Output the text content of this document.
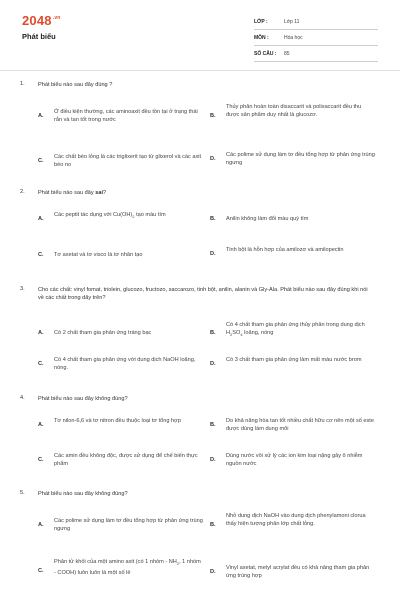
$2048^{.vn}$
Phát biểu
LỚP :	Lớp 11
MÔN :	Hóa học
SỐ CÂU : 85
1. Phát biểu nào sau đây đúng ?
A.
Ở điều kiện thường, các aminoaxit đều tồn tại ở trạng thái rắn và tan tốt trong nước
B.
Thủy phân hoàn toàn disaccarit và polisaccarit đều thu được sản phẩm duy nhất là glucozơ.
C.
Các chất béo lỏng là các triglixerit tạo từ glixerol và các axit béo no
D.
Các polime sử dụng làm tơ đều tổng hợp từ phản ứng trùng ngưng
2. Phát biểu nào sau đây sai?
A.
Các peptit tác dụng với $Cu(OH)_2$ tạo màu tím
B. Anilin không làm đổi màu quỳ tím
C. Tơ axetat và tơ visco là tơ nhân tạo	D.
Tinh bột là hỗn hợp của amilozơ và amilopectin
3. Cho các chất: vinyl fomat, triolein, glucozo, fructozo, saccarozo, tinh bột, anilin, alanin và Gly-Ala. Phát biểu nào sau đây đúng khi nói về các chất trong dãy trên?
A. Có 2 chất tham gia phản ứng tráng bạc	B.
Có 4 chất tham gia phản ứng thủy phân trong dung dịch $H_2SO_4$ loãng, nóng
C.
Có 4 chất tham gia phản ứng với dung dịch NaOH loãng, nóng.
D.
Có 3 chất tham gia phản ứng làm mất màu nước brom
4. Phát biểu nào sau đây không đúng?
A.
Tơ nilon-6,6 và tơ nitron đều thuộc loại tơ tổng hợp
B.
Do khả năng hòa tan tốt nhiều chất hữu cơ nên một số este được dùng làm dung môi
C.
Các amin đều không độc, được sử dụng để chế biến thực phẩm
D.
Dùng nước vôi xử lý các ion kim loại nặng gây ô nhiễm nguồn nước
5. Phát biểu nào sau đây không đúng?
A.
Các polime sử dụng làm tơ đều tổng hợp từ phản ứng trùng ngưng
B.
Nhỏ dung dịch NaOH vào dung dịch phenylamoni clorua thấy hiện tượng phân lớp chất lỏng.
C.
Phân tử khối của một amino axit (có 1 nhóm - $NH_2$, 1 nhóm - COOH) luôn luôn là một số lẻ	D.
Vinyl axetat, metyl acrylat đều có khả năng tham gia phản ứng trùng hợp
